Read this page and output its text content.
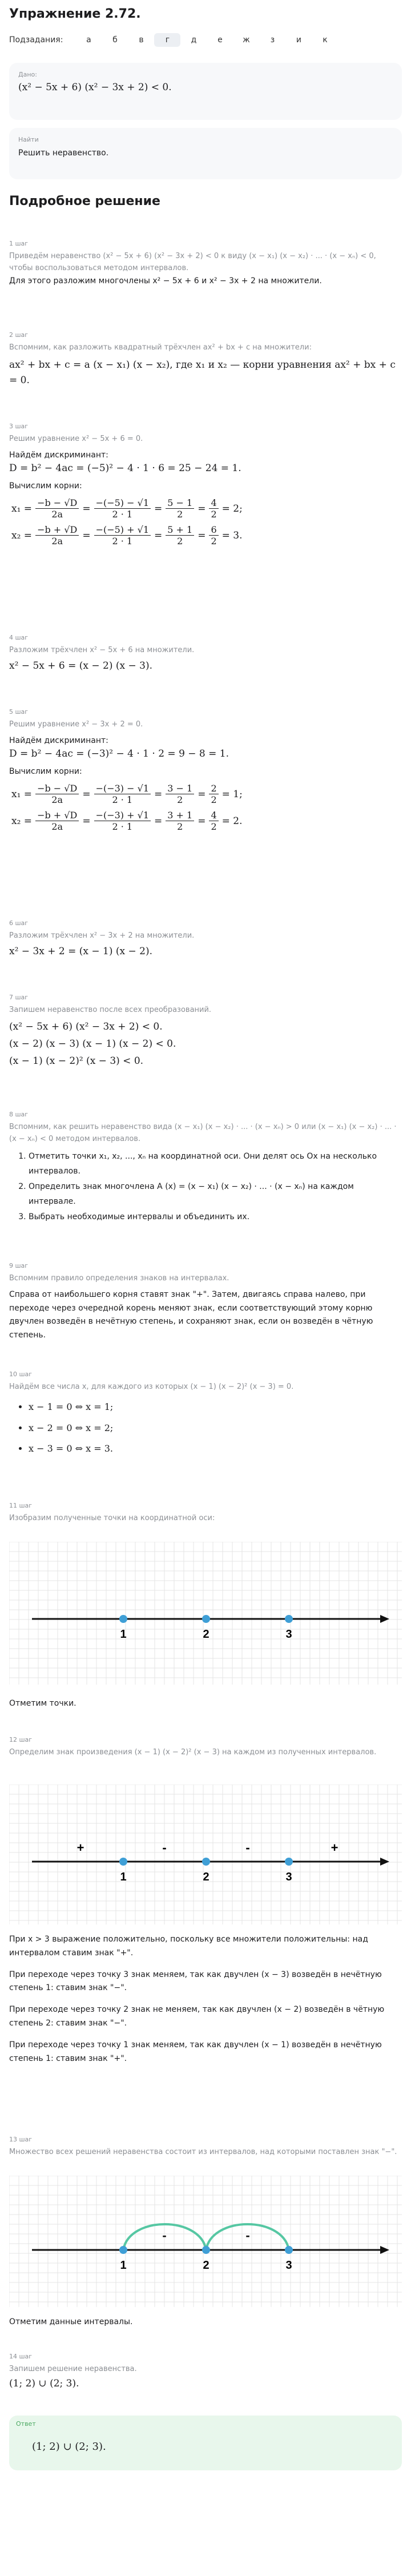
Упражнение 2.72.
Подзадания:	а	б	в	г	д	е	ж	з	и	к
Дано:
(x² − 5x + 6) (x² − 3x + 2) < 0.
Найти
Решить неравенство.
Подробное решение
1 шаг
Приведём неравенство (x² − 5x + 6) (x² − 3x + 2) < 0 к виду (x − x₁) (x − x₂) · ... · (x − xₙ) < 0, чтобы воспользоваться методом интервалов.
Для этого разложим многочлены x² − 5x + 6 и x² − 3x + 2 на множители.
2 шаг
Вспомним, как разложить квадратный трёхчлен ax² + bx + c на множители:
ax² + bx + c = a (x − x₁) (x − x₂), где x₁ и x₂ — корни уравнения ax² + bx + c = 0.
3 шаг
Решим уравнение x² − 5x + 6 = 0.
Найдём дискриминант:
D = b² − 4ac = (−5)² − 4 · 1 · 6 = 25 − 24 = 1.
Вычислим корни:
$x_1 = \frac{-b - √D}{2a} = \frac{-(-5) - √1}{2 \cdot 1} = \frac{5 - 1}{2} = \frac{4}{2} = 2$;
$x_2 = \frac{-b + √D}{2a} = \frac{-(-5) + √1}{2 \cdot 1} = \frac{5 + 1}{2} = \frac{6}{2} = 3$.
4 шаг
Разложим трёхчлен x² − 5x + 6 на множители.
x² − 5x + 6 = (x − 2) (x − 3).
5 шаг
Решим уравнение x² − 3x + 2 = 0.
Найдём дискриминант:
D = b² − 4ac = (−3)² − 4 · 1 · 2 = 9 − 8 = 1.
Вычислим корни:
$x_1 = \frac{-b - √D}{2a} = \frac{-(-3) - √1}{2 \cdot 1} = \frac{3 - 1}{2} = \frac{2}{2} = 1$;
$x_2 = \frac{-b + √D}{2a} = \frac{-(-3) + √1}{2 \cdot 1} = \frac{3 + 1}{2} = \frac{4}{2} = 2$.
6 шаг
Разложим трёхчлен x² − 3x + 2 на множители.
x² − 3x + 2 = (x − 1) (x − 2).
7 шаг
Запишем неравенство после всех преобразований.
(x² − 5x + 6) (x² − 3x + 2) < 0.
(x − 2) (x − 3) (x − 1) (x − 2) < 0.
(x − 1) (x − 2)² (x − 3) < 0.
8 шаг
Вспомним, как решить неравенство вида (x − x₁) (x − x₂) · ... · (x − xₙ) > 0 или (x − x₁) (x − x₂) · ... · (x − xₙ) < 0 методом интервалов.
1. Отметить точки x₁, x₂, ..., xₙ на координатной оси. Они делят ось Ox на несколько интервалов.
2. Определить знак многочлена A (x) = (x − x₁) (x − x₂) · ... · (x − xₙ) на каждом интервале.
3. Выбрать необходимые интервалы и объединить их.
9 шаг
Вспомним правило определения знаков на интервалах.
Справа от наибольшего корня ставят знак "+". Затем, двигаясь справа налево, при переходе через очередной корень меняют знак, если соответствующий этому корню двучлен возведён в нечётную степень, и сохраняют знак, если он возведён в чётную степень.
10 шаг
Найдём все числа x, для каждого из которых (x − 1) (x − 2)² (x − 3) = 0.
• x − 1 = 0 ⇔ x = 1;
• x − 2 = 0 ⇔ x = 2;
• x − 3 = 0 ⇔ x = 3.
11 шаг
Изобразим полученные точки на координатной оси:
1	2	3
Отметим точки.
12 шаг
Определим знак произведения (x − 1) (x − 2)² (x − 3) на каждом из полученных интервалов.
1	2	3
+	-	-	+
При x > 3 выражение положительно, поскольку все множители положительны: над интервалом ставим знак "+".
При переходе через точку 3 знак меняем, так как двучлен (x − 3) возведён в нечётную степень 1: ставим знак "−".
При переходе через точку 2 знак не меняем, так как двучлен (x − 2) возведён в чётную степень 2: ставим знак "−".
При переходе через точку 1 знак меняем, так как двучлен (x − 1) возведён в нечётную степень 1: ставим знак "+".
13 шаг
Множество всех решений неравенства состоит из интервалов, над которыми поставлен знак "−".
-	-
1	2	3
Отметим данные интервалы.
14 шаг
Запишем решение неравенства.
(1; 2) ∪ (2; 3).
Ответ
(1; 2) ∪ (2; 3).
